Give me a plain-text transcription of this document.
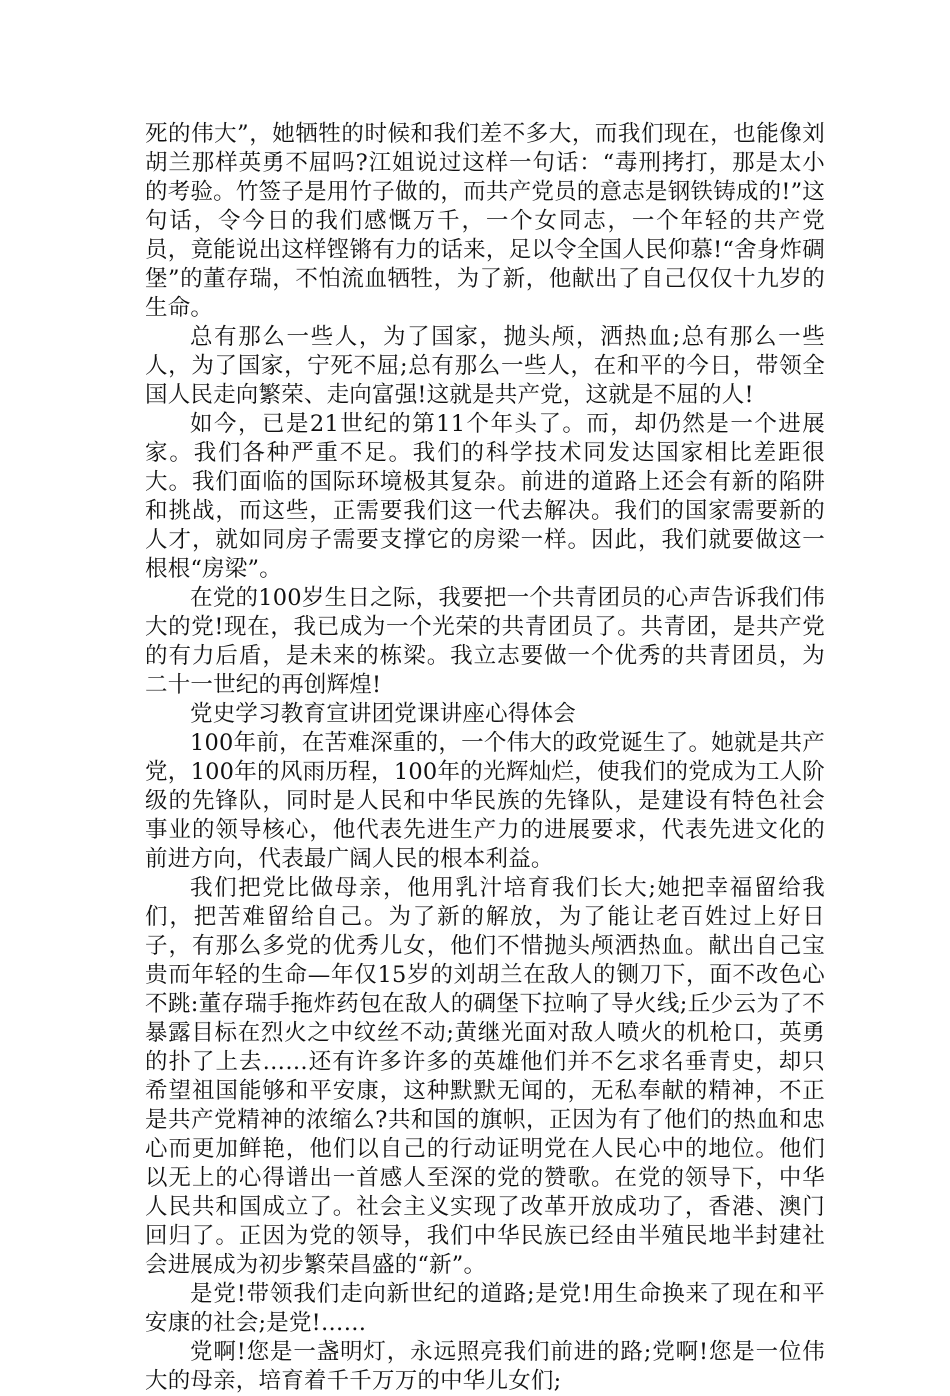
死的伟大”，她牺牲的时候和我们差不多大，而我们现在，也能像刘胡兰那样英勇不屈吗?江姐说过这样一句话：“毒刑拷打，那是太小的考验。竹签子是用竹子做的，而共产党员的意志是钢铁铸成的!”这句话，令今日的我们感慨万千，一个女同志，一个年轻的共产党员，竟能说出这样铿锵有力的话来，足以令全国人民仰慕!“舍身炸碉堡”的董存瑞，不怕流血牺牲，为了新，他献出了自己仅仅十九岁的生命。

总有那么一些人，为了国家，抛头颅，洒热血;总有那么一些人，为了国家，宁死不屈;总有那么一些人，在和平的今日，带领全国人民走向繁荣、走向富强!这就是共产党，这就是不屈的人!

如今，已是21世纪的第11个年头了。而，却仍然是一个进展家。我们各种严重不足。我们的科学技术同发达国家相比差距很大。我们面临的国际环境极其复杂。前进的道路上还会有新的陷阱和挑战，而这些，正需要我们这一代去解决。我们的国家需要新的人才，就如同房子需要支撑它的房梁一样。因此，我们就要做这一根根“房梁”。

在党的100岁生日之际，我要把一个共青团员的心声告诉我们伟大的党!现在，我已成为一个光荣的共青团员了。共青团，是共产党的有力后盾，是未来的栋梁。我立志要做一个优秀的共青团员，为二十一世纪的再创辉煌!

党史学习教育宣讲团党课讲座心得体会

100年前，在苦难深重的，一个伟大的政党诞生了。她就是共产党，100年的风雨历程，100年的光辉灿烂，使我们的党成为工人阶级的先锋队，同时是人民和中华民族的先锋队，是建设有特色社会事业的领导核心，他代表先进生产力的进展要求，代表先进文化的前进方向，代表最广阔人民的根本利益。

我们把党比做母亲，他用乳汁培育我们长大;她把幸福留给我们，把苦难留给自己。为了新的解放，为了能让老百姓过上好日子，有那么多党的优秀儿女，他们不惜抛头颅洒热血。献出自己宝贵而年轻的生命—年仅15岁的刘胡兰在敌人的铡刀下，面不改色心不跳:董存瑞手拖炸药包在敌人的碉堡下拉响了导火线;丘少云为了不暴露目标在烈火之中纹丝不动;黄继光面对敌人喷火的机枪口，英勇的扑了上去……还有许多许多的英雄他们并不乞求名垂青史，却只希望祖国能够和平安康，这种默默无闻的，无私奉献的精神，不正是共产党精神的浓缩么?共和国的旗帜，正因为有了他们的热血和忠心而更加鲜艳，他们以自己的行动证明党在人民心中的地位。他们以无上的心得谱出一首感人至深的党的赞歌。在党的领导下，中华人民共和国成立了。社会主义实现了改革开放成功了，香港、澳门回归了。正因为党的领导，我们中华民族已经由半殖民地半封建社会进展成为初步繁荣昌盛的“新”。

是党!带领我们走向新世纪的道路;是党!用生命换来了现在和平安康的社会;是党!……

党啊!您是一盏明灯，永远照亮我们前进的路;党啊!您是一位伟大的母亲，培育着千千万万的中华儿女们;
